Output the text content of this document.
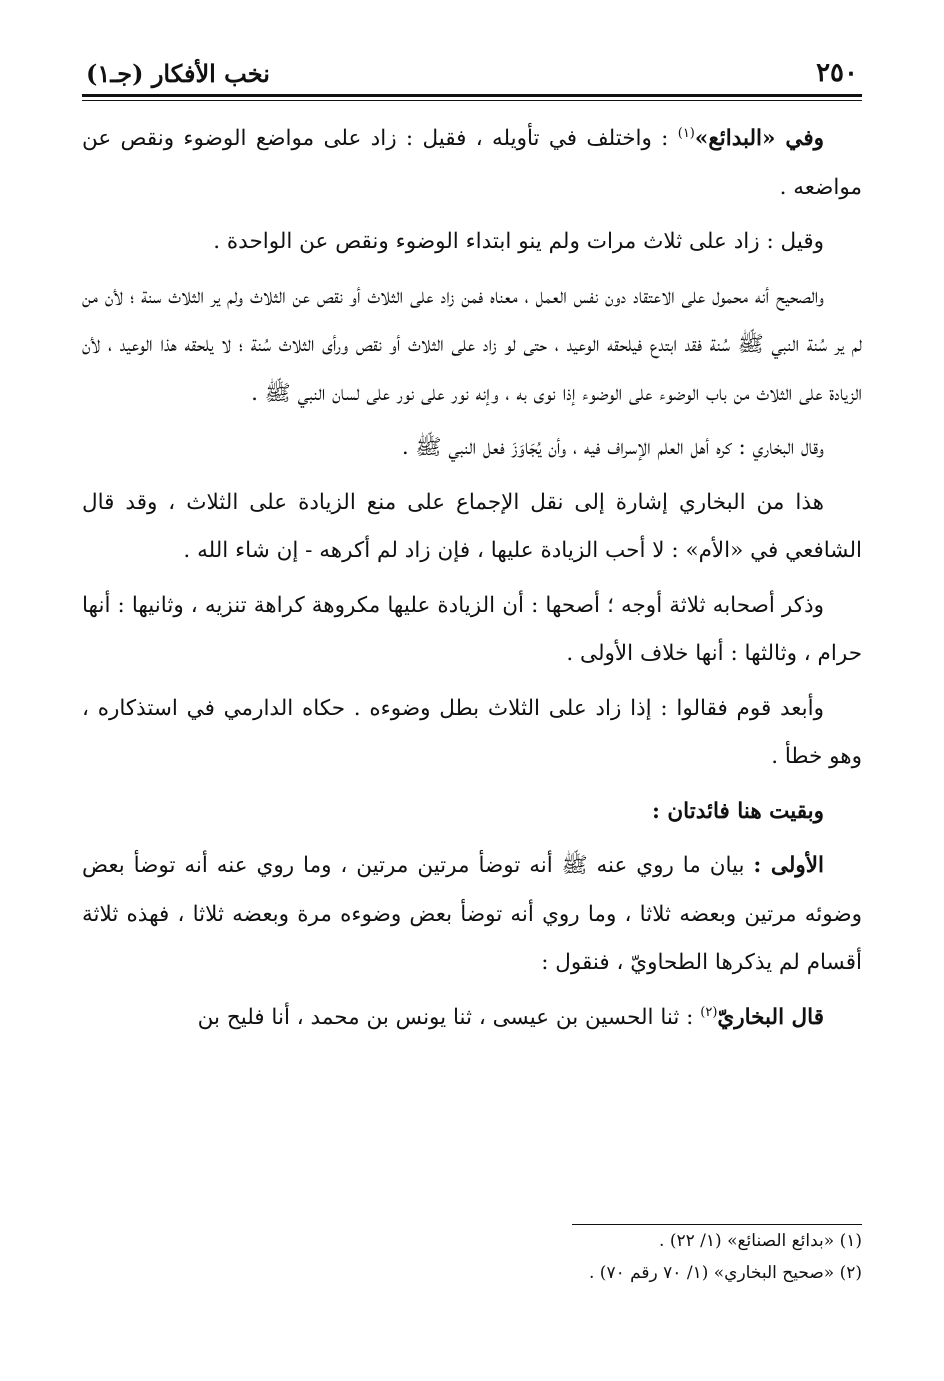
٢٥٠
نخب الأفكار (جـ١)

وفي «البدائع»$^{(١)}$ : واختلف في تأويله ، فقيل : زاد على مواضع الوضوء ونقص عن مواضعه .

وقيل : زاد على ثلاث مرات ولم ينو ابتداء الوضوء ونقص عن الواحدة .

والصحيح أنه محمول على الاعتقاد دون نفس العمل ، معناه فمن زاد على الثلاث أو نقص عن الثلاث ولم ير الثلاث سنة ؛ لأن من لم ير سُنة النبي ﷺ سُنة فقد ابتدع فيلحقه الوعيد ، حتى لو زاد على الثلاث أو نقص ورأى الثلاث سُنة ؛ لا يلحقه هذا الوعيد ، لأن الزيادة على الثلاث من باب الوضوء على الوضوء إذا نوى به ، وإنه نور على نور على لسان النبي ﷺ .

وقال البخاري : كره أهل العلم الإسراف فيه ، وأن يُجَاوَزَ فعل النبي ﷺ .

هذا من البخاري إشارة إلى نقل الإجماع على منع الزيادة على الثلاث ، وقد قال الشافعي في «الأم» : لا أحب الزيادة عليها ، فإن زاد لم أكرهه - إن شاء الله .

وذكر أصحابه ثلاثة أوجه ؛ أصحها : أن الزيادة عليها مكروهة كراهة تنزيه ، وثانيها : أنها حرام ، وثالثها : أنها خلاف الأولى .

وأبعد قوم فقالوا : إذا زاد على الثلاث بطل وضوءه . حكاه الدارمي في استذكاره ، وهو خطأ .

وبقيت هنا فائدتان :

الأولى : بيان ما روي عنه ﷺ أنه توضأ مرتين مرتين ، وما روي عنه أنه توضأ بعض وضوئه مرتين وبعضه ثلاثا ، وما روي أنه توضأ بعض وضوءه مرة وبعضه ثلاثا ، فهذه ثلاثة أقسام لم يذكرها الطحاويّ ، فنقول :

قال البخاريّ$^{(٢)}$ : ثنا الحسين بن عيسى ، ثنا يونس بن محمد ، أنا فليح بن

(١) «بدائع الصنائع» (١/ ٢٢) .
(٢) «صحيح البخاري» (١/ ٧٠ رقم ٧٠) .
